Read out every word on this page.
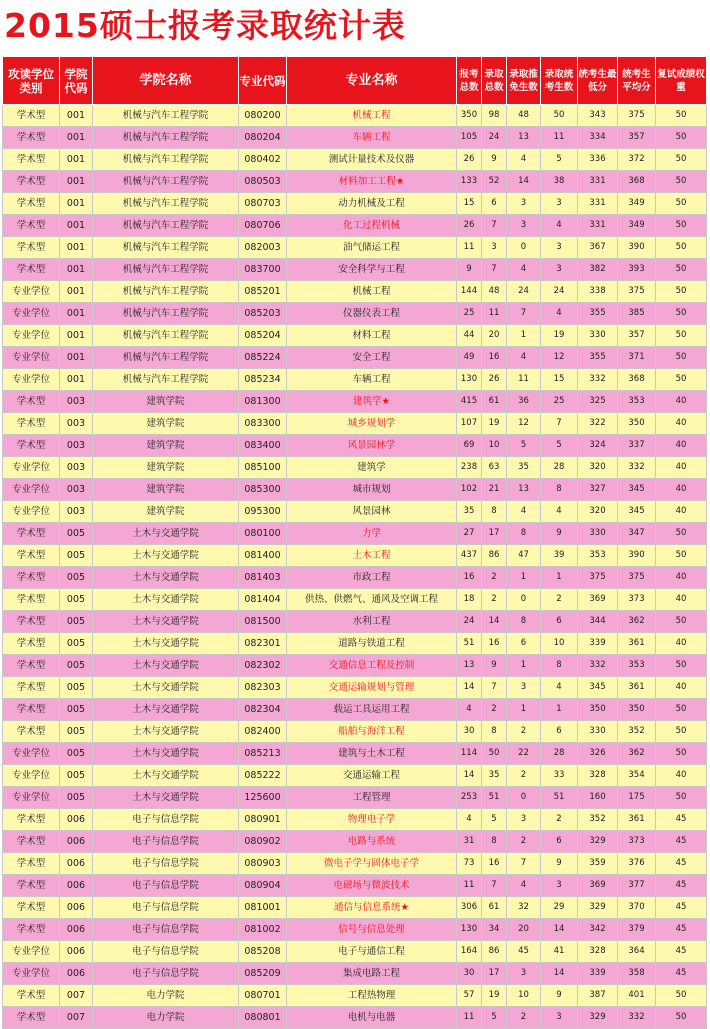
2015硕士报考录取统计表
攻读学位类别	学院代码	学院名称	专业代码	专业名称	报考总数	录取总数	录取推免生数	录取统考生数	统考生最低分	统考生平均分	复试成绩权重
学术型	001	机械与汽车工程学院	080200	机械工程	350	98	48	50	343	375	50
学术型	001	机械与汽车工程学院	080204	车辆工程	105	24	13	11	334	357	50
学术型	001	机械与汽车工程学院	080402	测试计量技术及仪器	26	9	4	5	336	372	50
学术型	001	机械与汽车工程学院	080503	材料加工工程★	133	52	14	38	331	368	50
学术型	001	机械与汽车工程学院	080703	动力机械及工程	15	6	3	3	331	349	50
学术型	001	机械与汽车工程学院	080706	化工过程机械	26	7	3	4	331	349	50
学术型	001	机械与汽车工程学院	082003	油气储运工程	11	3	0	3	367	390	50
学术型	001	机械与汽车工程学院	083700	安全科学与工程	9	7	4	3	382	393	50
专业学位	001	机械与汽车工程学院	085201	机械工程	144	48	24	24	338	375	50
专业学位	001	机械与汽车工程学院	085203	仪器仪表工程	25	11	7	4	355	385	50
专业学位	001	机械与汽车工程学院	085204	材料工程	44	20	1	19	330	357	50
专业学位	001	机械与汽车工程学院	085224	安全工程	49	16	4	12	355	371	50
专业学位	001	机械与汽车工程学院	085234	车辆工程	130	26	11	15	332	368	50
学术型	003	建筑学院	081300	建筑学★	415	61	36	25	325	353	40
学术型	003	建筑学院	083300	城乡规划学	107	19	12	7	322	350	40
学术型	003	建筑学院	083400	风景园林学	69	10	5	5	324	337	40
专业学位	003	建筑学院	085100	建筑学	238	63	35	28	320	332	40
专业学位	003	建筑学院	085300	城市规划	102	21	13	8	327	345	40
专业学位	003	建筑学院	095300	风景园林	35	8	4	4	320	345	40
学术型	005	土木与交通学院	080100	力学	27	17	8	9	330	347	50
学术型	005	土木与交通学院	081400	土木工程	437	86	47	39	353	390	50
学术型	005	土木与交通学院	081403	市政工程	16	2	1	1	375	375	40
学术型	005	土木与交通学院	081404	供热、供燃气、通风及空调工程	18	2	0	2	369	373	40
学术型	005	土木与交通学院	081500	水利工程	24	14	8	6	344	362	50
学术型	005	土木与交通学院	082301	道路与铁道工程	51	16	6	10	339	361	40
学术型	005	土木与交通学院	082302	交通信息工程及控制	13	9	1	8	332	353	50
学术型	005	土木与交通学院	082303	交通运输规划与管理	14	7	3	4	345	361	40
学术型	005	土木与交通学院	082304	载运工具运用工程	4	2	1	1	350	350	50
学术型	005	土木与交通学院	082400	船舶与海洋工程	30	8	2	6	330	352	50
专业学位	005	土木与交通学院	085213	建筑与土木工程	114	50	22	28	326	362	50
专业学位	005	土木与交通学院	085222	交通运输工程	14	35	2	33	328	354	40
专业学位	005	土木与交通学院	125600	工程管理	253	51	0	51	160	175	50
学术型	006	电子与信息学院	080901	物理电子学	4	5	3	2	352	361	45
学术型	006	电子与信息学院	080902	电路与系统	31	8	2	6	329	373	45
学术型	006	电子与信息学院	080903	微电子学与固体电子学	73	16	7	9	359	376	45
学术型	006	电子与信息学院	080904	电磁场与微波技术	11	7	4	3	369	377	45
学术型	006	电子与信息学院	081001	通信与信息系统★	306	61	32	29	329	370	45
学术型	006	电子与信息学院	081002	信号与信息处理	130	34	20	14	342	379	45
专业学位	006	电子与信息学院	085208	电子与通信工程	164	86	45	41	328	364	45
专业学位	006	电子与信息学院	085209	集成电路工程	30	17	3	14	339	358	45
学术型	007	电力学院	080701	工程热物理	57	19	10	9	387	401	50
学术型	007	电力学院	080801	电机与电器	11	5	2	3	329	332	50
